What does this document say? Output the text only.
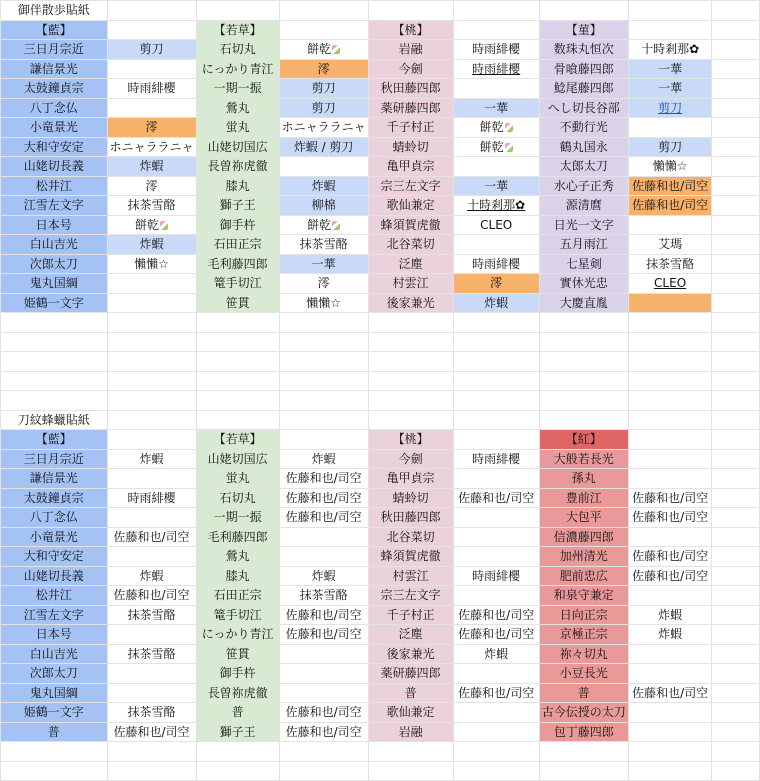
御伴散歩貼紙								
【藍】		【若草】		【桃】		【菫】		
三日月宗近	剪刀	石切丸	餅乾	岩融	時雨緋櫻	数珠丸恒次	十時剎那✿	
謙信景光		にっかり青江	澪	今劍	時雨緋櫻	骨喰藤四郎	一華	
太鼓鐘貞宗	時雨緋櫻	一期一振	剪刀	秋田藤四郎		鯰尾藤四郎	一華	
八丁念仏		鶯丸	剪刀	薬研藤四郎	一華	へし切長谷部	剪刀	
小竜景光	澪	蛍丸	ホニャララニャ	千子村正	餅乾	不動行光		
大和守安定	ホニャララニャ	山姥切国広	炸蝦 / 剪刀	蜻蛉切	餅乾	鶴丸国永	剪刀	
山姥切長義	炸蝦	長曽祢虎徹		亀甲貞宗		太郎太刀	懶懶☆	
松井江	澪	膝丸	炸蝦	宗三左文字	一華	水心子正秀	佐藤和也/司空	
江雪左文字	抹茶雪酪	獅子王	柳棉	歌仙兼定	十時剎那✿	源清麿	佐藤和也/司空	
日本号	餅乾	御手杵	餅乾	蜂須賀虎徹	CLEO	日光一文字		
白山吉光	炸蝦	石田正宗	抹茶雪酪	北谷菜切		五月雨江	艾瑪	
次郎太刀	懶懶☆	毛利藤四郎	一華	泛塵	時雨緋櫻	七星剣	抹茶雪酪	
鬼丸国綱		篭手切江	澪	村雲江	澪	實休光忠	CLEO	
姫鶴一文字		笹貫	懶懶☆	後家兼光	炸蝦	大慶直胤		

刀紋蜂蠟貼紙								
【藍】		【若草】		【桃】		【紅】		
三日月宗近	炸蝦	山姥切国広	炸蝦	今劍	時雨緋櫻	大般若長光		
謙信景光		蛍丸	佐藤和也/司空	亀甲貞宗		孫丸		
太鼓鐘貞宗	時雨緋櫻	石切丸	佐藤和也/司空	蜻蛉切	佐藤和也/司空	豊前江	佐藤和也/司空	
八丁念仏		一期一振	佐藤和也/司空	秋田藤四郎		大包平	佐藤和也/司空	
小竜景光	佐藤和也/司空	毛利藤四郎		北谷菜切		信濃藤四郎		
大和守安定		鶯丸		蜂須賀虎徹		加州清光	佐藤和也/司空	
山姥切長義	炸蝦	膝丸	炸蝦	村雲江	時雨緋櫻	肥前忠広	佐藤和也/司空	
松井江	佐藤和也/司空	石田正宗	抹茶雪酪	宗三左文字		和泉守兼定		
江雪左文字	抹茶雪酪	篭手切江	佐藤和也/司空	千子村正	佐藤和也/司空	日向正宗	炸蝦	
日本号		にっかり青江	佐藤和也/司空	泛塵	佐藤和也/司空	京極正宗	炸蝦	
白山吉光	抹茶雪酪	笹貫		後家兼光	炸蝦	祢々切丸		
次郎太刀		御手杵		薬研藤四郎		小豆長光		
鬼丸国綱		長曽祢虎徹		普	佐藤和也/司空	普	佐藤和也/司空	
姫鶴一文字	抹茶雪酪	普	佐藤和也/司空	歌仙兼定		古今伝授の太刀		
普	佐藤和也/司空	獅子王	佐藤和也/司空	岩融		包丁藤四郎		
